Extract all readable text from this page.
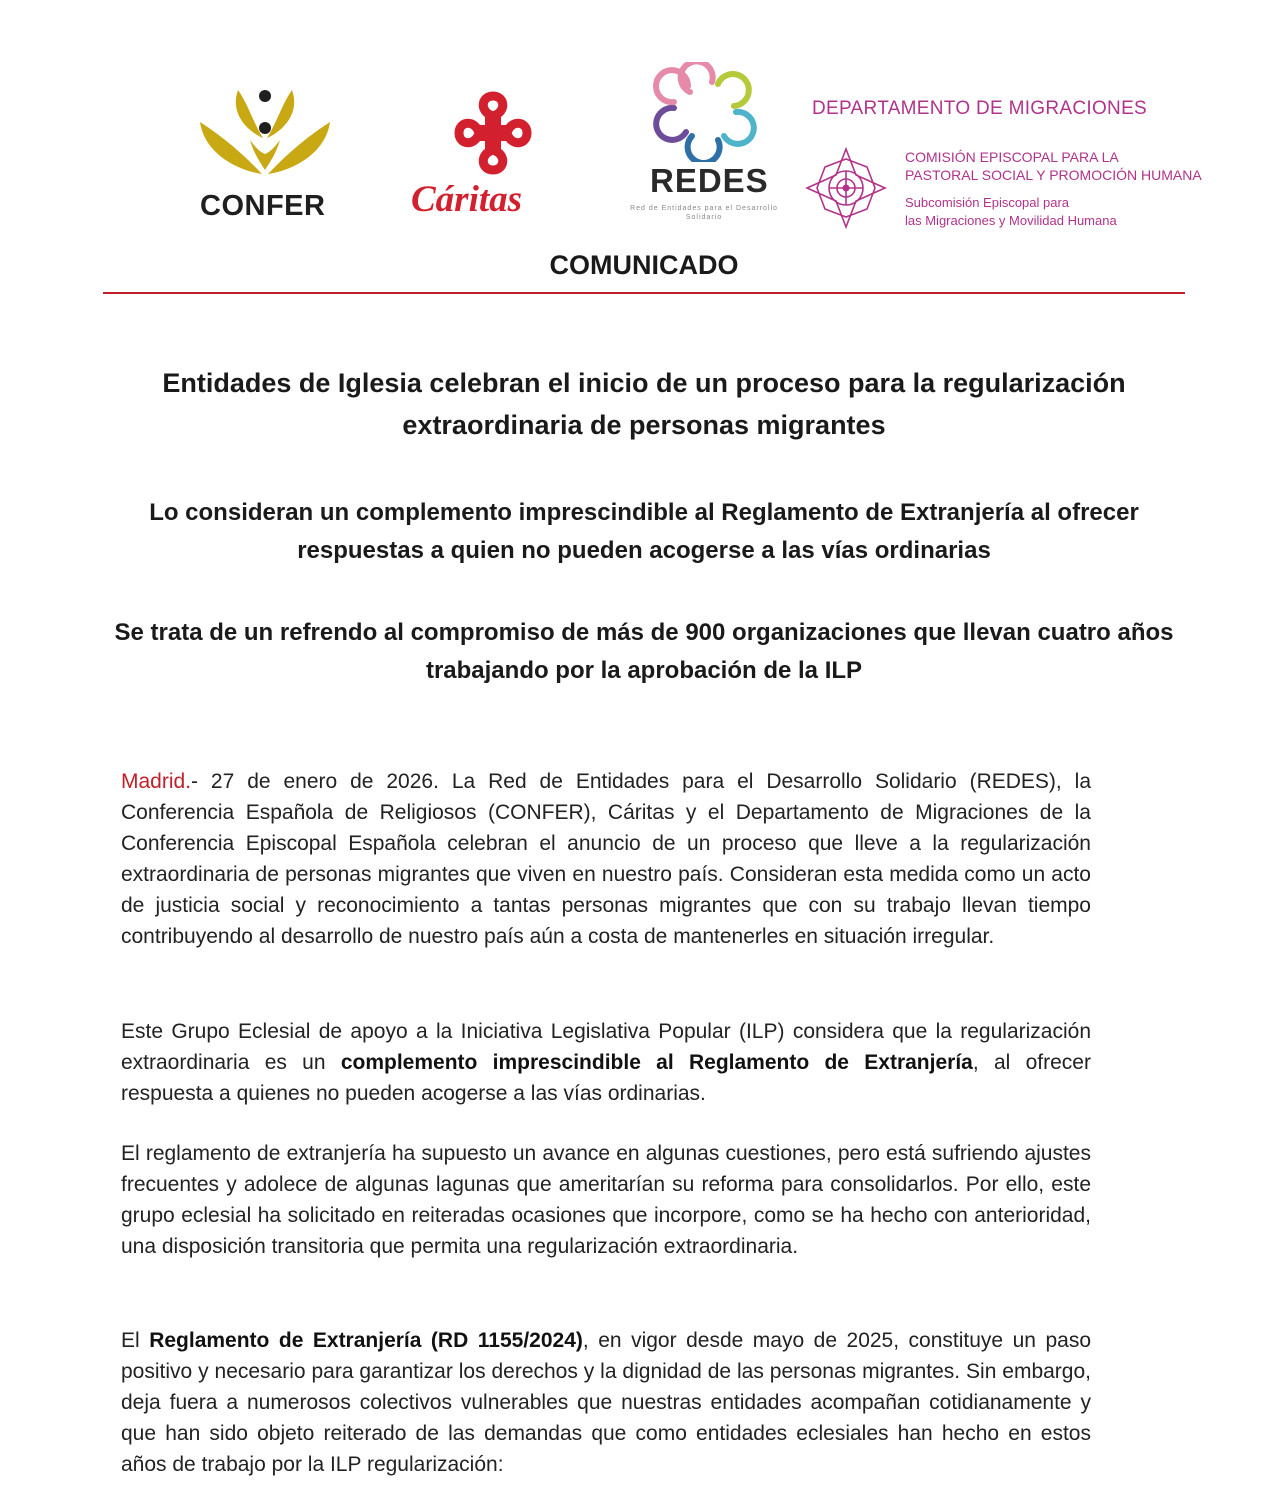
CONFER Cáritas	REDES
Red de Entidades para el Desarrollo Solidario
DEPARTAMENTO DE MIGRACIONES
COMISIÓN EPISCOPAL PARA LA
PASTORAL SOCIAL Y PROMOCIÓN HUMANA
Subcomisión Episcopal para
las Migraciones y Movilidad Humana
COMUNICADO
Entidades de Iglesia celebran el inicio de un proceso para la regularización extraordinaria de personas migrantes
Lo consideran un complemento imprescindible al Reglamento de Extranjería al ofrecer respuestas a quien no pueden acogerse a las vías ordinarias
Se trata de un refrendo al compromiso de más de 900 organizaciones que llevan cuatro años trabajando por la aprobación de la ILP

Madrid.- 27 de enero de 2026. La Red de Entidades para el Desarrollo Solidario (REDES), la Conferencia Española de Religiosos (CONFER), Cáritas y el Departamento de Migraciones de la Conferencia Episcopal Española celebran el anuncio de un proceso que lleve a la regularización extraordinaria de personas migrantes que viven en nuestro país. Consideran esta medida como un acto de justicia social y reconocimiento a tantas personas migrantes que con su trabajo llevan tiempo contribuyendo al desarrollo de nuestro país aún a costa de mantenerles en situación irregular.

Este Grupo Eclesial de apoyo a la Iniciativa Legislativa Popular (ILP) considera que la regularización extraordinaria es un complemento imprescindible al Reglamento de Extranjería, al ofrecer respuesta a quienes no pueden acogerse a las vías ordinarias.

El reglamento de extranjería ha supuesto un avance en algunas cuestiones, pero está sufriendo ajustes frecuentes y adolece de algunas lagunas que ameritarían su reforma para consolidarlos. Por ello, este grupo eclesial ha solicitado en reiteradas ocasiones que incorpore, como se ha hecho con anterioridad, una disposición transitoria que permita una regularización extraordinaria.

El Reglamento de Extranjería (RD 1155/2024), en vigor desde mayo de 2025, constituye un paso positivo y necesario para garantizar los derechos y la dignidad de las personas migrantes. Sin embargo, deja fuera a numerosos colectivos vulnerables que nuestras entidades acompañan cotidianamente y que han sido objeto reiterado de las demandas que como entidades eclesiales han hecho en estos años de trabajo por la ILP regularización:
